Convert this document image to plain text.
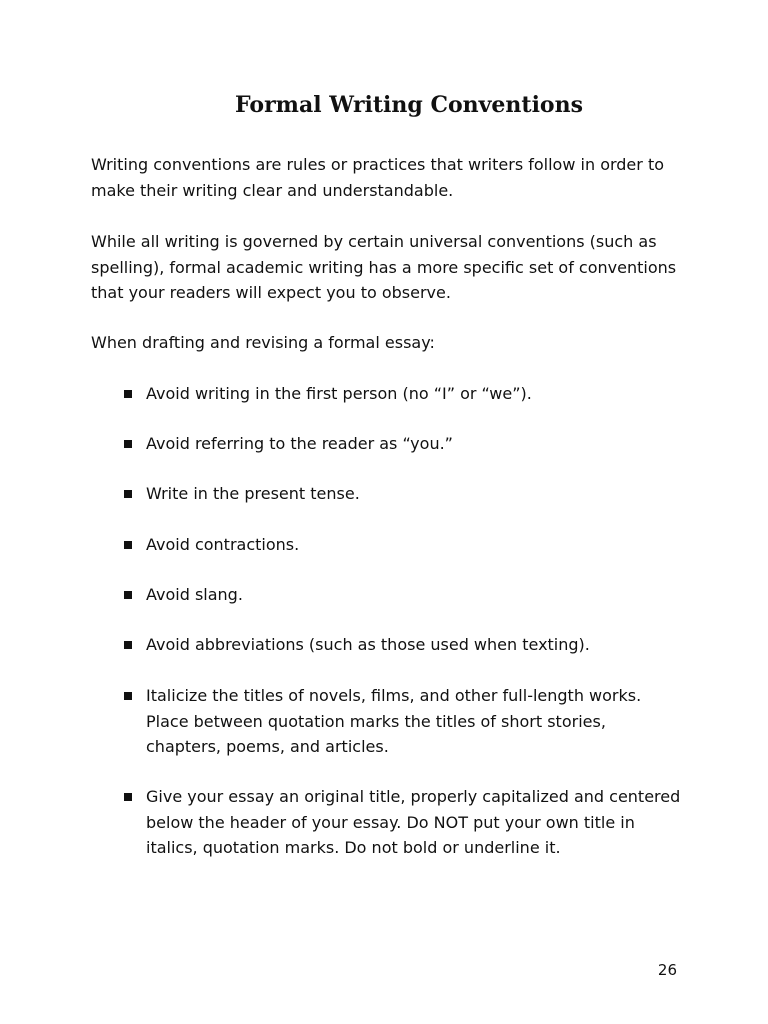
Formal Writing Conventions

Writing conventions are rules or practices that writers follow in order to make their writing clear and understandable.

While all writing is governed by certain universal conventions (such as spelling), formal academic writing has a more specific set of conventions that your readers will expect you to observe.

When drafting and revising a formal essay:

Avoid writing in the first person (no “I” or “we”).
Avoid referring to the reader as “you.”
Write in the present tense.
Avoid contractions.
Avoid slang.
Avoid abbreviations (such as those used when texting).
Italicize the titles of novels, films, and other full-length works. Place between quotation marks the titles of short stories, chapters, poems, and articles.
Give your essay an original title, properly capitalized and centered below the header of your essay. Do NOT put your own title in italics, quotation marks. Do not bold or underline it.

26
